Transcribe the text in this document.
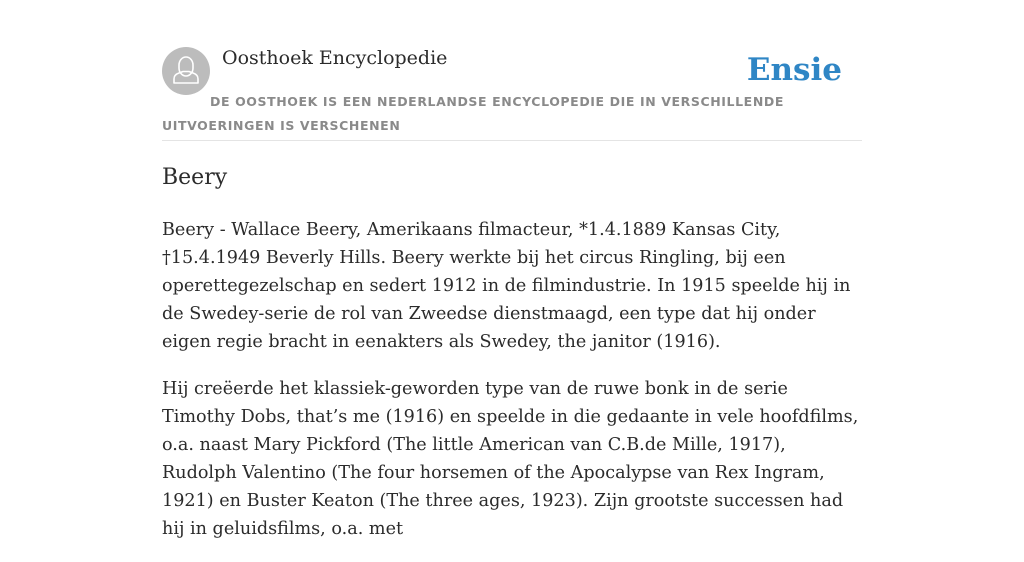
Oosthoek Encyclopedie	Ensie
DE OOSTHOEK IS EEN NEDERLANDSE ENCYCLOPEDIE DIE IN VERSCHILLENDE UITVOERINGEN IS VERSCHENEN
Beery

Beery - Wallace Beery, Amerikaans filmacteur, *1.4.1889 Kansas City, †15.4.1949 Beverly Hills. Beery werkte bij het circus Ringling, bij een operettegezelschap en sedert 1912 in de filmindustrie. In 1915 speelde hij in de Swedey-serie de rol van Zweedse dienstmaagd, een type dat hij onder eigen regie bracht in eenakters als Swedey, the janitor (1916).

Hij creëerde het klassiek-geworden type van de ruwe bonk in de serie Timothy Dobs, that’s me (1916) en speelde in die gedaante in vele hoofdfilms, o.a. naast Mary Pickford (The little American van C.B.de Mille, 1917), Rudolph Valentino (The four horsemen of the Apocalypse van Rex Ingram, 1921) en Buster Keaton (The three ages, 1923). Zijn grootste successen had hij in geluidsfilms, o.a. met
